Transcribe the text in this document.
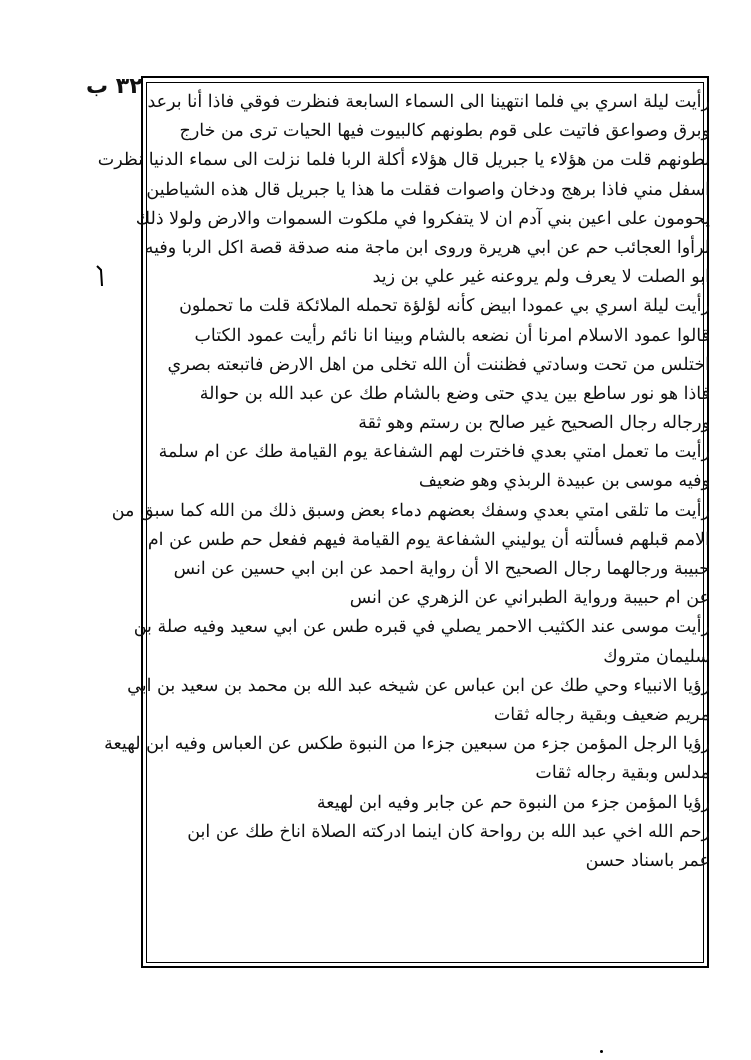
٣٢ ب
رأيت ليلة اسري بي فلما انتهينا الى السماء السابعة فنظرت فوقي فاذا أنا برعد
وبرق وصواعق فاتيت على قوم بطونهم كالبيوت فيها الحيات ترى من خارج
بطونهم قلت من هؤلاء يا جبريل قال هؤلاء أكلة الربا فلما نزلت الى سماء الدنيا نظرت
اسفل مني فاذا برهج ودخان واصوات فقلت ما هذا يا جبريل قال هذه الشياطين
يحومون على اعين بني آدم ان لا يتفكروا في ملكوت السموات والارض ولولا ذلك
لرأوا العجائب حم عن ابي هريرة وروى ابن ماجة منه صدقة قصة اكل الربا وفيه
ابو الصلت لا يعرف ولم يروعنه غير علي بن زيد
رأيت ليلة اسري بي عمودا ابيض كأنه لؤلؤة تحمله الملائكة قلت ما تحملون
قالوا عمود الاسلام امرنا أن نضعه بالشام وبينا انا نائم رأيت عمود الكتاب
اختلس من تحت وسادتي فظننت أن الله تخلى من اهل الارض فاتبعته بصري
فاذا هو نور ساطع بين يدي حتى وضع بالشام طك عن عبد الله بن حوالة
ورجاله رجال الصحيح غير صالح بن رستم وهو ثقة
رأيت ما تعمل امتي بعدي فاخترت لهم الشفاعة يوم القيامة طك عن ام سلمة
وفيه موسى بن عبيدة الربذي وهو ضعيف
رأيت ما تلقى امتي بعدي وسفك بعضهم دماء بعض وسبق ذلك من الله كما سبق من
الامم قبلهم فسألته أن يوليني الشفاعة يوم القيامة فيهم ففعل حم طس عن ام
حبيبة ورجالهما رجال الصحيح الا أن رواية احمد عن ابن ابي حسين عن انس
عن ام حبيبة ورواية الطبراني عن الزهري عن انس
رأيت موسى عند الكثيب الاحمر يصلي في قبره طس عن ابي سعيد وفيه صلة بن
سليمان متروك
رؤيا الانبياء وحي طك عن ابن عباس عن شيخه عبد الله بن محمد بن سعيد بن ابي
مريم ضعيف وبقية رجاله ثقات
رؤيا الرجل المؤمن جزء من سبعين جزءا من النبوة طكس عن العباس وفيه ابن لهيعة
مدلس وبقية رجاله ثقات
رؤيا المؤمن جزء من النبوة حم عن جابر وفيه ابن لهيعة
رحم الله اخي عبد الله بن رواحة كان اينما ادركته الصلاة اناخ طك عن ابن
عمر باسناد حسن
